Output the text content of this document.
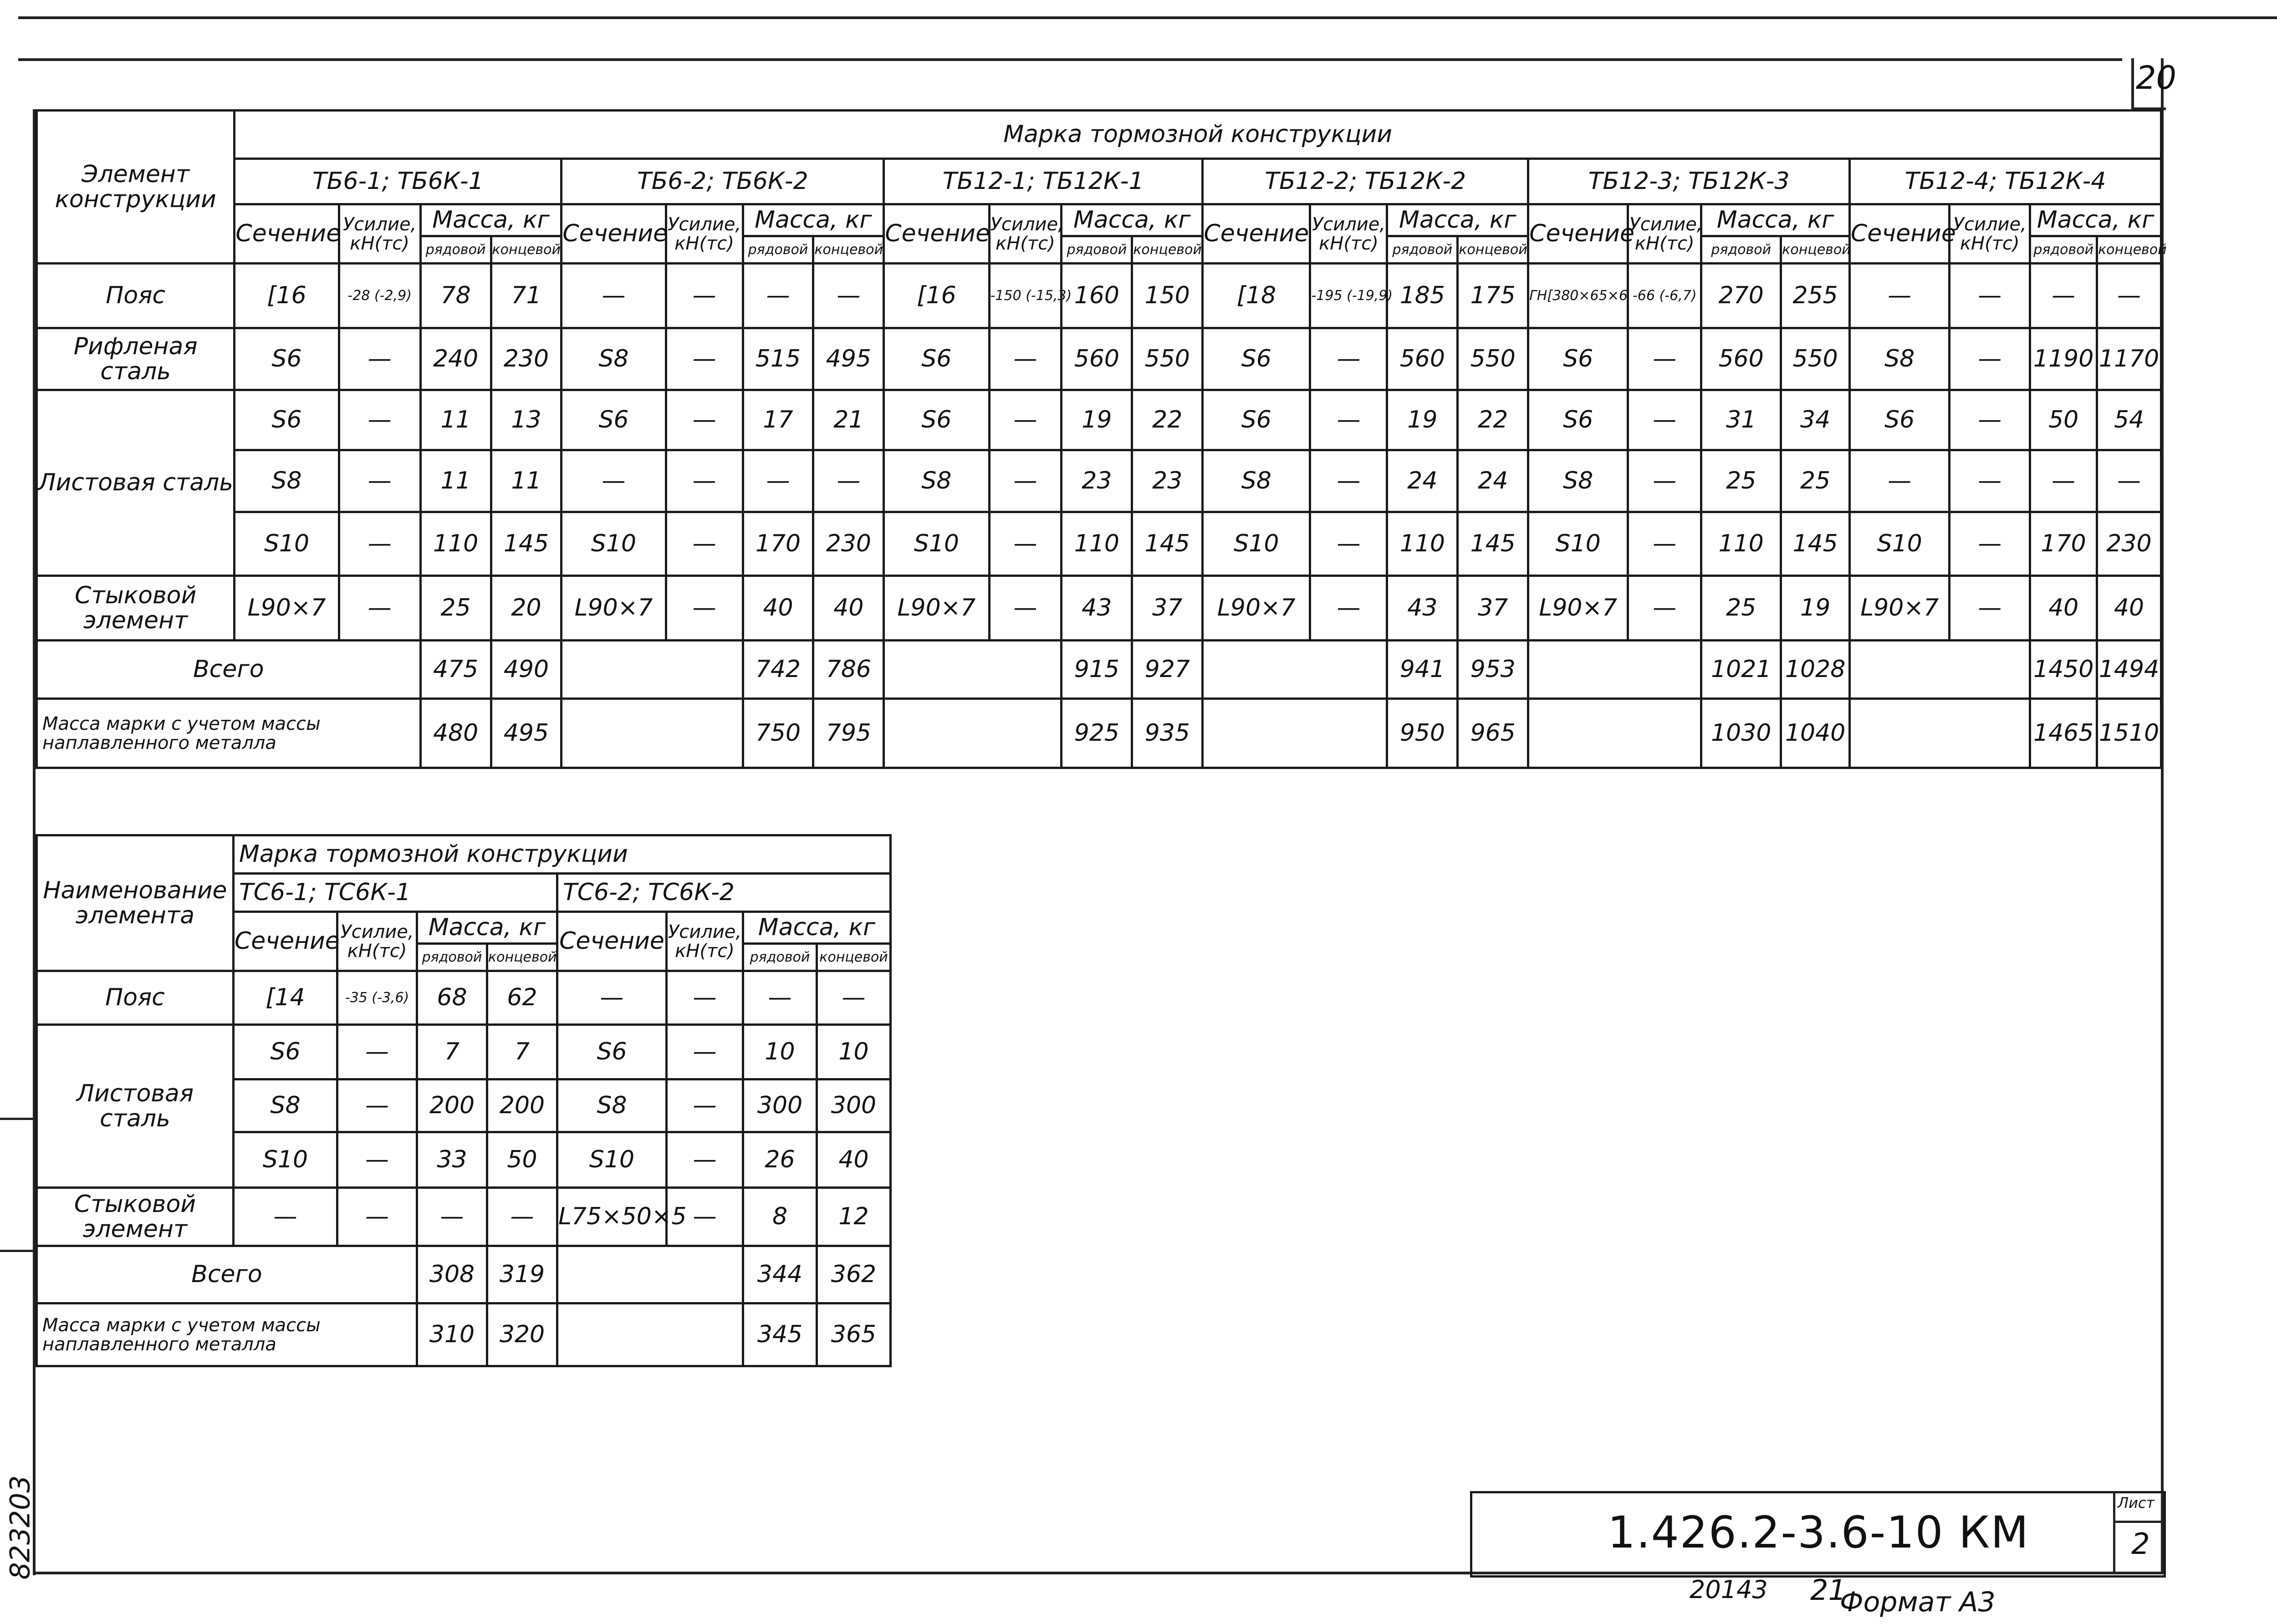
20
Элемент конструкции	Марка тормозной конструкции																							
	ТБ6-1; ТБ6К-1				ТБ6-2; ТБ6К-2				ТБ12-1; ТБ12К-1				ТБ12-2; ТБ12К-2				ТБ12-3; ТБ12К-3				ТБ12-4; ТБ12К-4			
	Сечение	Усилие, кН(тс)	Масса, кг		Сечение	Усилие, кН(тс)	Масса, кг		Сечение	Усилие, кН(тс)	Масса, кг		Сечение	Усилие, кН(тс)	Масса, кг		Сечение	Усилие, кН(тс)	Масса, кг		Сечение	Усилие, кН(тс)	Масса, кг	
			рядовой	концевой			рядовой	концевой			рядовой	концевой			рядовой	концевой			рядовой	концевой			рядовой	концевой
Пояс	[16	-28 (-2,9)	78	71	—	—	—	—	[16	-150 (-15,3)	160	150	[18	-195 (-19,9)	185	175	ГН[380×65×6	-66 (-6,7)	270	255	—	—	—	—
Рифленая сталь	S6	—	240	230	S8	—	515	495	S6	—	560	550	S6	—	560	550	S6	—	560	550	S8	—	1190	1170
Листовая сталь	S6	—	11	13	S6	—	17	21	S6	—	19	22	S6	—	19	22	S6	—	31	34	S6	—	50	54
	S8	—	11	11	—	—	—	—	S8	—	23	23	S8	—	24	24	S8	—	25	25	—	—	—	—
	S10	—	110	145	S10	—	170	230	S10	—	110	145	S10	—	110	145	S10	—	110	145	S10	—	170	230
Стыковой элемент	L90×7	—	25	20	L90×7	—	40	40	L90×7	—	43	37	L90×7	—	43	37	L90×7	—	25	19	L90×7	—	40	40
Всего			475	490			742	786			915	927			941	953			1021	1028			1450	1494
Масса марки с учетом массы наплавленного металла			480	495			750	795			925	935			950	965			1030	1040			1465	1510
Наименование элемента	Марка тормозной конструкции							
	ТС6-1; ТС6К-1				ТС6-2; ТС6К-2			
	Сечение	Усилие, кН(тс)	Масса, кг		Сечение	Усилие, кН(тс)	Масса, кг	
			рядовой	концевой			рядовой	концевой
Пояс	[14	-35 (-3,6)	68	62	—	—	—	—
Листовая сталь	S6	—	7	7	S6	—	10	10
	S8	—	200	200	S8	—	300	300
	S10	—	33	50	S10	—	26	40
Стыковой элемент	—	—	—	—	L75×50×5	—	8	12
Всего			308	319			344	362
Масса марки с учетом массы наплавленного металла			310	320			345	365
1.426.2-3.6-10 КМ
Лист
2
20143 21
Формат А3
823203
